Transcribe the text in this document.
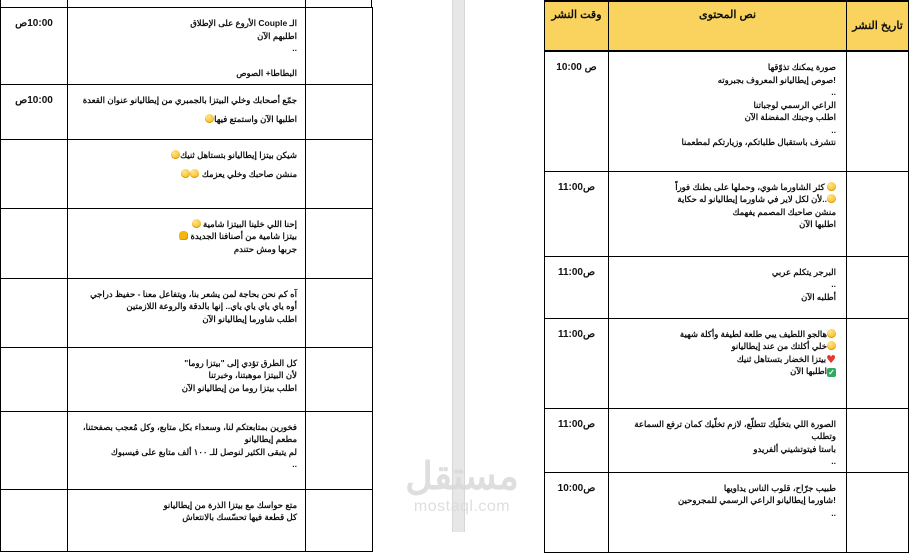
10:00ص	الـ Couple الأروع على الإطلاق
اطلبهم الآن
..

البطاطا+ الصوص	

10:00ص	جمّع أصحابك وخلي البيتزا بالجمبري من إيطاليانو عنوان القعدة
اطلبها الآن واستمتع فيها	

	شيكن بيتزا إيطاليانو بتستاهل ثنيك
منشن صاحبك وخلي يعزمك	

	إحنا اللي خلينا البيتزا شامية
بيتزا شامية من أصنافنا الجديدة
جربها ومش حتندم	

	آه كم نحن بحاجة لمن يشعر بنا، ويتفاعل معنا - حفيظ دراجي
أوه ياي ياي ياي ياي.. إنها بالدقة والروعة اللازمتين
اطلب شاورما إيطاليانو الآن	

	كل الطرق تؤدي إلى "بيتزا روما"
لأن البيتزا موهبتنا، وخبرتنا
اطلب بيتزا روما من إيطاليانو الآن	

	فخورين بمتابعتكم لنا، وسعداء بكل متابع، وكل مُعجب بصفحتنا،
مطعم إيطاليانو
لم يتبقى الكثير لنوصل للـ ١٠٠ ألف متابع على فيسبوك
..	

	متع حواسك مع بيتزا الذرة من إيطاليانو
كل قطعة فيها تحسّسك بالانتعاش	

وقت النشر	نص المحتوى	تاريخ النشر
10:00 ص	صورة يمكنك تذوّقها
صوص إيطاليانو المعروف بجبروته!
..
الراعي الرسمي لوجباتنا
اطلب وجبتك المفضلة الآن
..
نتشرف باستقبال طلباتكم، وزيارتكم لمطعمنا

11:00ص	كثر الشاورما شوي، وحملها على بطنك فوراً
لأن لكل لاير في شاورما إيطاليانو له حكاية..
منشن صاحبك المصمم يفهمك
اطلبها الآن	

11:00ص	البرجر يتكلم عربي
..
أطلبه الآن	

11:00ص	هالجو اللطيف يبي طلعة لطيفة وأكلة شهية
خلي أكلتك من عند إيطاليانو
بيتزا الخضار بتستاهل ثنيك♥
اطلبها الآن✓	

11:00ص	الصورة اللي بتخلّيك تتطلّع، لازم تخلّيك كمان ترفع السماعة وتطلب
باستا فيتوتشيني ألفريدو
..	

10:00ص	طبيب جرّاح، قلوب الناس يداويها
شاورما إيطاليانو الراعي الرسمي للمجروحين!
..	

مستقل
mostaql.com
